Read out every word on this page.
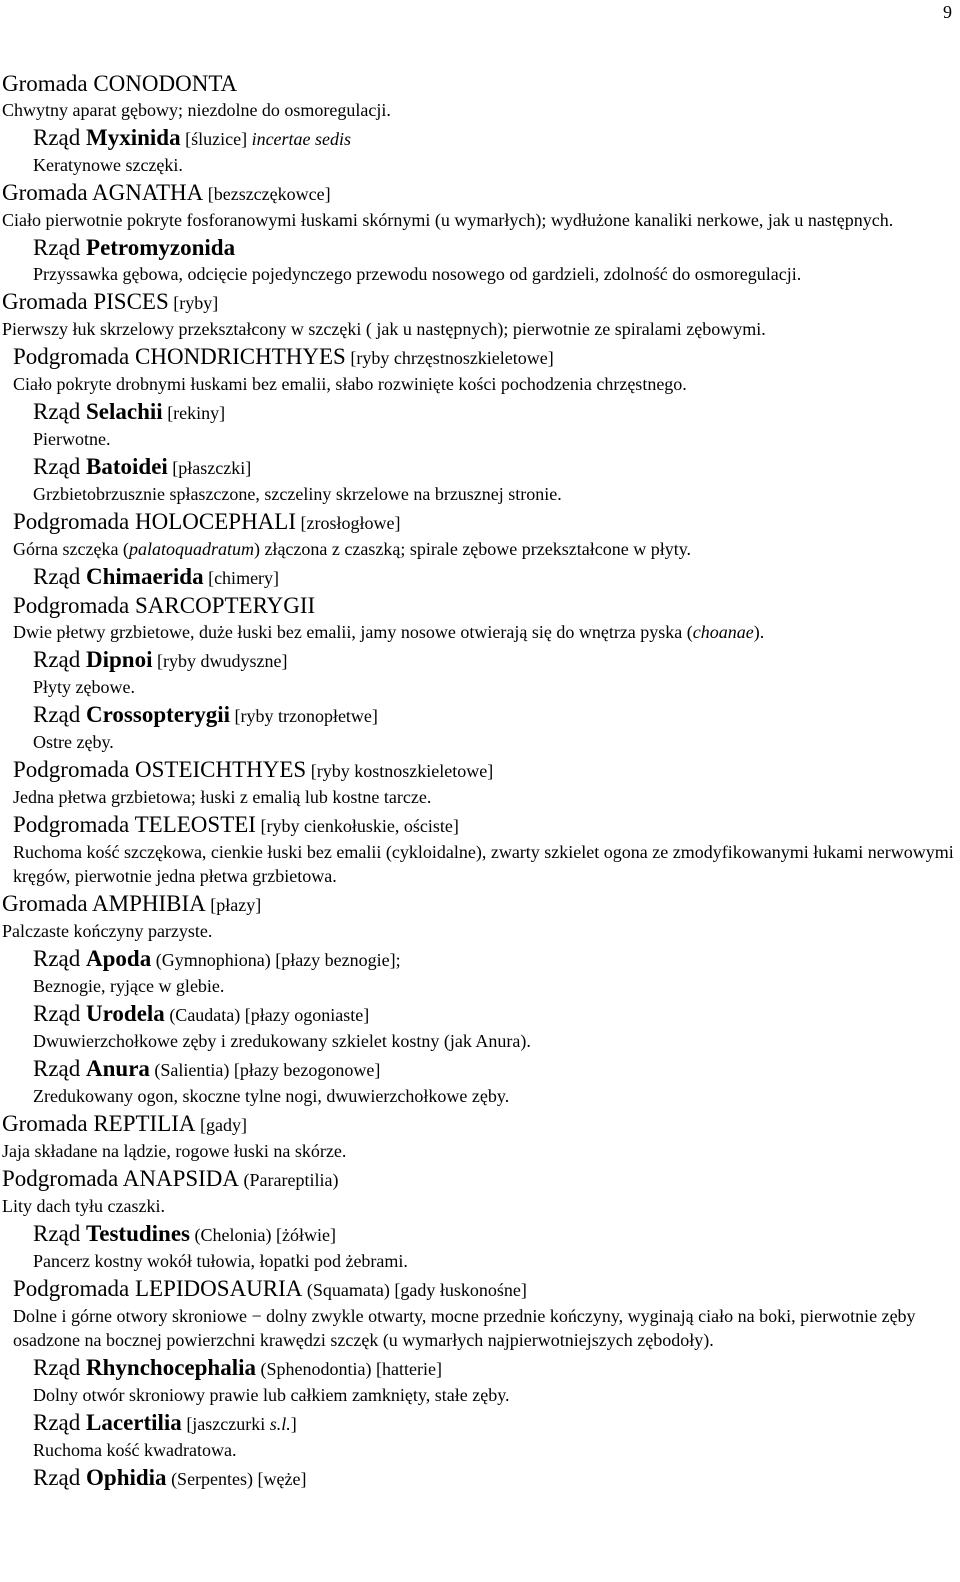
9
Gromada CONODONTA
Chwytny aparat gębowy; niezdolne do osmoregulacji.
Rząd Myxinida [śluzice] incertae sedis
Keratynowe szczęki.
Gromada AGNATHA [bezszczękowce]
Ciało pierwotnie pokryte fosforanowymi łuskami skórnymi (u wymarłych); wydłużone kanaliki nerkowe, jak u następnych.
Rząd Petromyzonida
Przyssawka gębowa, odcięcie pojedynczego przewodu nosowego od gardzieli, zdolność do osmoregulacji.
Gromada PISCES [ryby]
Pierwszy łuk skrzelowy przekształcony w szczęki ( jak u następnych); pierwotnie ze spiralami zębowymi.
Podgromada CHONDRICHTHYES [ryby chrzęstnoszkieletowe]
Ciało pokryte drobnymi łuskami bez emalii, słabo rozwinięte kości pochodzenia chrzęstnego.
Rząd Selachii [rekiny]
Pierwotne.
Rząd Batoidei [płaszczki]
Grzbietobrzusznie spłaszczone, szczeliny skrzelowe na brzusznej stronie.
Podgromada HOLOCEPHALI [zrosłogłowe]
Górna szczęka (palatoquadratum) złączona z czaszką; spirale zębowe przekształcone w płyty.
Rząd Chimaerida [chimery]
Podgromada SARCOPTERYGII
Dwie płetwy grzbietowe, duże łuski bez emalii, jamy nosowe otwierają się do wnętrza pyska (choanae).
Rząd Dipnoi [ryby dwudyszne]
Płyty zębowe.
Rząd Crossopterygii [ryby trzonopłetwe]
Ostre zęby.
Podgromada OSTEICHTHYES [ryby kostnoszkieletowe]
Jedna płetwa grzbietowa; łuski z emalią lub kostne tarcze.
Podgromada TELEOSTEI [ryby cienkołuskie, ościste]
Ruchoma kość szczękowa, cienkie łuski bez emalii (cykloidalne), zwarty szkielet ogona ze zmodyfikowanymi łukami nerwowymi kręgów, pierwotnie jedna płetwa grzbietowa.
Gromada AMPHIBIA [płazy]
Palczaste kończyny parzyste.
Rząd Apoda (Gymnophiona) [płazy beznogie];
Beznogie, ryjące w glebie.
Rząd Urodela (Caudata) [płazy ogoniaste]
Dwuwierzchołkowe zęby i zredukowany szkielet kostny (jak Anura).
Rząd Anura (Salientia) [płazy bezogonowe]
Zredukowany ogon, skoczne tylne nogi, dwuwierzchołkowe zęby.
Gromada REPTILIA [gady]
Jaja składane na lądzie, rogowe łuski na skórze.
Podgromada ANAPSIDA (Parareptilia)
Lity dach tyłu czaszki.
Rząd Testudines (Chelonia) [żółwie]
Pancerz kostny wokół tułowia, łopatki pod żebrami.
Podgromada LEPIDOSAURIA (Squamata) [gady łuskonośne]
Dolne i górne otwory skroniowe − dolny zwykle otwarty, mocne przednie kończyny, wyginają ciało na boki, pierwotnie zęby osadzone na bocznej powierzchni krawędzi szczęk (u wymarłych najpierwotniejszych zębodoły).
Rząd Rhynchocephalia (Sphenodontia) [hatterie]
Dolny otwór skroniowy prawie lub całkiem zamknięty, stałe zęby.
Rząd Lacertilia [jaszczurki s.l.]
Ruchoma kość kwadratowa.
Rząd Ophidia (Serpentes) [węże]
